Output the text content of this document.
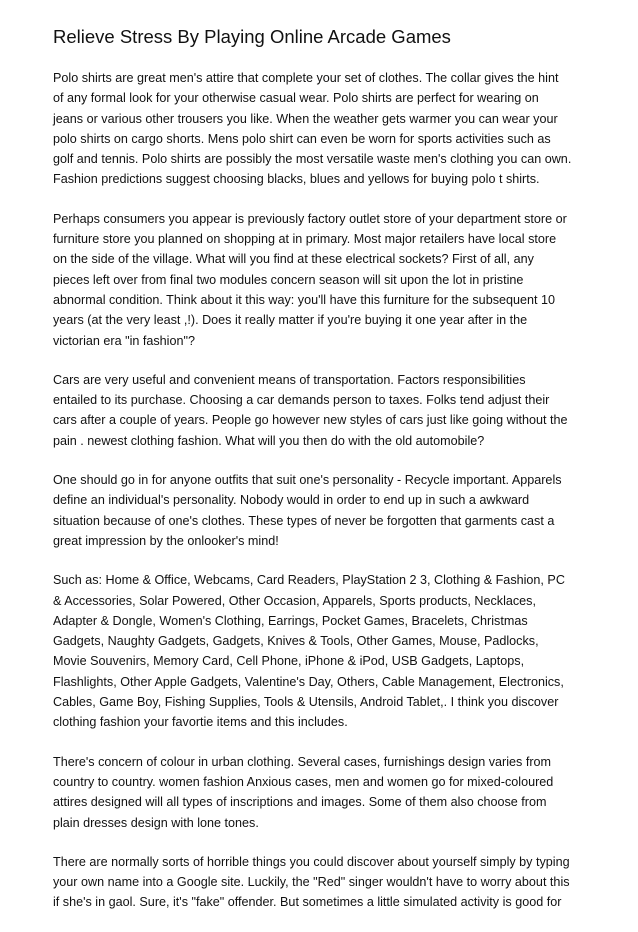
Relieve Stress By Playing Online Arcade Games

Polo shirts are great men's attire that complete your set of clothes. The collar gives the hint
of any formal look for your otherwise casual wear. Polo shirts are perfect for wearing on
jeans or various other trousers you like. When the weather gets warmer you can wear your
polo shirts on cargo shorts. Mens polo shirt can even be worn for sports activities such as
golf and tennis. Polo shirts are possibly the most versatile waste men's clothing you can own.
Fashion predictions suggest choosing blacks, blues and yellows for buying polo t shirts.

Perhaps consumers you appear is previously factory outlet store of your department store or
furniture store you planned on shopping at in primary. Most major retailers have local store
on the side of the village. What will you find at these electrical sockets? First of all, any
pieces left over from final two modules concern season will sit upon the lot in pristine
abnormal condition. Think about it this way: you'll have this furniture for the subsequent 10
years (at the very least ,!). Does it really matter if you're buying it one year after in the
victorian era "in fashion"?

Cars are very useful and convenient means of transportation. Factors responsibilities
entailed to its purchase. Choosing a car demands person to taxes. Folks tend adjust their
cars after a couple of years. People go however new styles of cars just like going without the
pain . newest clothing fashion. What will you then do with the old automobile?

One should go in for anyone outfits that suit one's personality - Recycle important. Apparels
define an individual's personality. Nobody would in order to end up in such a awkward
situation because of one's clothes. These types of never be forgotten that garments cast a
great impression by the onlooker's mind!

Such as: Home & Office, Webcams, Card Readers, PlayStation 2 3, Clothing & Fashion, PC
& Accessories, Solar Powered, Other Occasion, Apparels, Sports products, Necklaces,
Adapter & Dongle, Women's Clothing, Earrings, Pocket Games, Bracelets, Christmas
Gadgets, Naughty Gadgets, Gadgets, Knives & Tools, Other Games, Mouse, Padlocks,
Movie Souvenirs, Memory Card, Cell Phone, iPhone & iPod, USB Gadgets, Laptops,
Flashlights, Other Apple Gadgets, Valentine's Day, Others, Cable Management, Electronics,
Cables, Game Boy, Fishing Supplies, Tools & Utensils, Android Tablet,. I think you discover
clothing fashion your favortie items and this includes.

There's concern of colour in urban clothing. Several cases, furnishings design varies from
country to country. women fashion Anxious cases, men and women go for mixed-coloured
attires designed will all types of inscriptions and images. Some of them also choose from
plain dresses design with lone tones.

There are normally sorts of horrible things you could discover about yourself simply by typing
your own name into a Google site. Luckily, the "Red" singer wouldn't have to worry about this
if she's in gaol. Sure, it's "fake" offender. But sometimes a little simulated activity is good for
